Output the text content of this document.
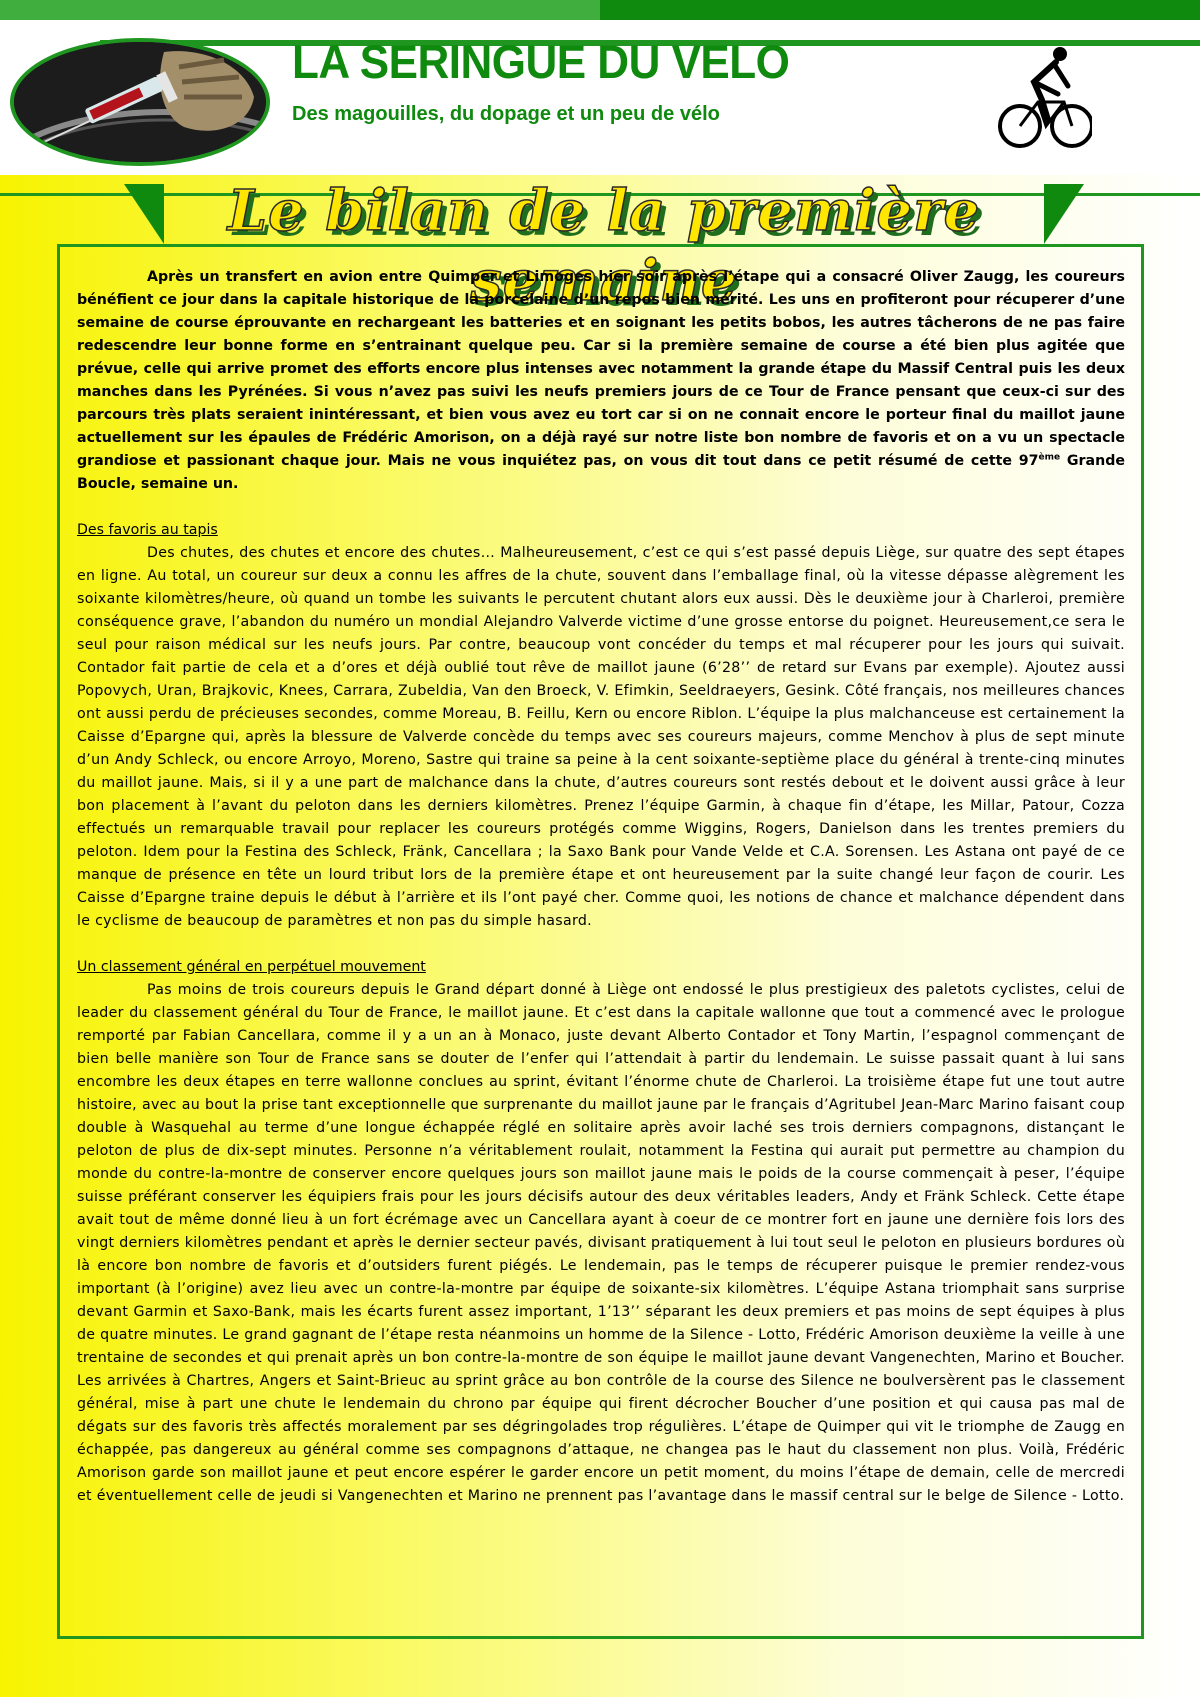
LA SERINGUE DU VELO

Des magouilles, du dopage et un peu de vélo

Le bilan de la première semaine

Après un transfert en avion entre Quimper et Limoges hier soir après l’étape qui a consacré Oliver Zaugg, les coureurs bénéfient ce jour dans la capitale historique de la porcelaine d’un repos bien mérité. Les uns en profiteront pour récuperer d’une semaine de course éprouvante en rechargeant les batteries et en soignant les petits bobos, les autres tâcherons de ne pas faire redescendre leur bonne forme en s’entrainant quelque peu. Car si la première semaine de course a été bien plus agitée que prévue, celle qui arrive promet des efforts encore plus intenses avec notamment la grande étape du Massif Central puis les deux manches dans les Pyrénées. Si vous n’avez pas suivi les neufs premiers jours de ce Tour de France pensant que ceux-ci sur des parcours très plats seraient inintéressant, et bien vous avez eu tort car si on ne connait encore le porteur final du maillot jaune actuellement sur les épaules de Frédéric Amorison, on a déjà rayé sur notre liste bon nombre de favoris et on a vu un spectacle grandiose et passionant chaque jour. Mais ne vous inquiétez pas, on vous dit tout dans ce petit résumé de cette 97ème Grande Boucle, semaine un.

Des favoris au tapis

Des chutes, des chutes et encore des chutes… Malheureusement, c’est ce qui s’est passé depuis Liège, sur quatre des sept étapes en ligne. Au total, un coureur sur deux a connu les affres de la chute, souvent dans l’emballage final, où la vitesse dépasse alègrement les soixante kilomètres/heure, où quand un tombe les suivants le percutent chutant alors eux aussi. Dès le deuxième jour à Charleroi, première conséquence grave, l’abandon du numéro un mondial Alejandro Valverde victime d’une grosse entorse du poignet. Heureusement,ce sera le seul pour raison médical sur les neufs jours. Par contre, beaucoup vont concéder du temps et mal récuperer pour les jours qui suivait. Contador fait partie de cela et a d’ores et déjà oublié tout rêve de maillot jaune (6’28’’ de retard sur Evans par exemple). Ajoutez aussi Popovych, Uran, Brajkovic, Knees, Carrara, Zubeldia, Van den Broeck, V. Efimkin, Seeldraeyers, Gesink. Côté français, nos meilleures chances ont aussi perdu de précieuses secondes, comme Moreau, B. Feillu, Kern ou encore Riblon. L’équipe la plus malchanceuse est certainement la Caisse d’Epargne qui, après la blessure de Valverde concède du temps avec ses coureurs majeurs, comme Menchov à plus de sept minute d’un Andy Schleck, ou encore Arroyo, Moreno, Sastre qui traine sa peine à la cent soixante-septième place du général à trente-cinq minutes du maillot jaune. Mais, si il y a une part de malchance dans la chute, d’autres coureurs sont restés debout et le doivent aussi grâce à leur bon placement à l’avant du peloton dans les derniers kilomètres. Prenez l’équipe Garmin, à chaque fin d’étape, les Millar, Patour, Cozza effectués un remarquable travail pour replacer les coureurs protégés comme Wiggins, Rogers, Danielson dans les trentes premiers du peloton. Idem pour la Festina des Schleck, Fränk, Cancellara ; la Saxo Bank pour Vande Velde et C.A. Sorensen. Les Astana ont payé de ce manque de présence en tête un lourd tribut lors de la première étape et ont heureusement par la suite changé leur façon de courir. Les Caisse d’Epargne traine depuis le début à l’arrière et ils l’ont payé cher. Comme quoi, les notions de chance et malchance dépendent dans le cyclisme de beaucoup de paramètres et non pas du simple hasard.

Un classement général en perpétuel mouvement

Pas moins de trois coureurs depuis le Grand départ donné à Liège ont endossé le plus prestigieux des paletots cyclistes, celui de leader du classement général du Tour de France, le maillot jaune. Et c’est dans la capitale wallonne que tout a commencé avec le prologue remporté par Fabian Cancellara, comme il y a un an à Monaco, juste devant Alberto Contador et Tony Martin, l’espagnol commençant de bien belle manière son Tour de France sans se douter de l’enfer qui l’attendait à partir du lendemain. Le suisse passait quant à lui sans encombre les deux étapes en terre wallonne conclues au sprint, évitant l’énorme chute de Charleroi. La troisième étape fut une tout autre histoire, avec au bout la prise tant exceptionnelle que surprenante du maillot jaune par le français d’Agritubel Jean-Marc Marino faisant coup double à Wasquehal au terme d’une longue échappée réglé en solitaire après avoir laché ses trois derniers compagnons, distançant le peloton de plus de dix-sept minutes. Personne n’a véritablement roulait, notamment la Festina qui aurait put permettre au champion du monde du contre-la-montre de conserver encore quelques jours son maillot jaune mais le poids de la course commençait à peser, l’équipe suisse préférant conserver les équipiers frais pour les jours décisifs autour des deux véritables leaders, Andy et Fränk Schleck. Cette étape avait tout de même donné lieu à un fort écrémage avec un Cancellara ayant à coeur de ce montrer fort en jaune une dernière fois lors des vingt derniers kilomètres pendant et après le dernier secteur pavés, divisant pratiquement à lui tout seul le peloton en plusieurs bordures où là encore bon nombre de favoris et d’outsiders furent piégés. Le lendemain, pas le temps de récuperer puisque le premier rendez-vous important (à l’origine) avez lieu avec un contre-la-montre par équipe de soixante-six kilomètres. L’équipe Astana triomphait sans surprise devant Garmin et Saxo-Bank, mais les écarts furent assez important, 1’13’’ séparant les deux premiers et pas moins de sept équipes à plus de quatre minutes. Le grand gagnant de l’étape resta néanmoins un homme de la Silence - Lotto, Frédéric Amorison deuxième la veille à une trentaine de secondes et qui prenait après un bon contre-la-montre de son équipe le maillot jaune devant Vangenechten, Marino et Boucher. Les arrivées à Chartres, Angers et Saint-Brieuc au sprint grâce au bon contrôle de la course des Silence ne boulversèrent pas le classement général, mise à part une chute le lendemain du chrono par équipe qui firent décrocher Boucher d’une position et qui causa pas mal de dégats sur des favoris très affectés moralement par ses dégringolades trop régulières. L’étape de Quimper qui vit le triomphe de Zaugg en échappée, pas dangereux au général comme ses compagnons d’attaque, ne changea pas le haut du classement non plus. Voilà, Frédéric Amorison garde son maillot jaune et peut encore espérer le garder encore un petit moment, du moins l’étape de demain, celle de mercredi et éventuellement celle de jeudi si Vangenechten et Marino ne prennent pas l’avantage dans le massif central sur le belge de Silence - Lotto.
